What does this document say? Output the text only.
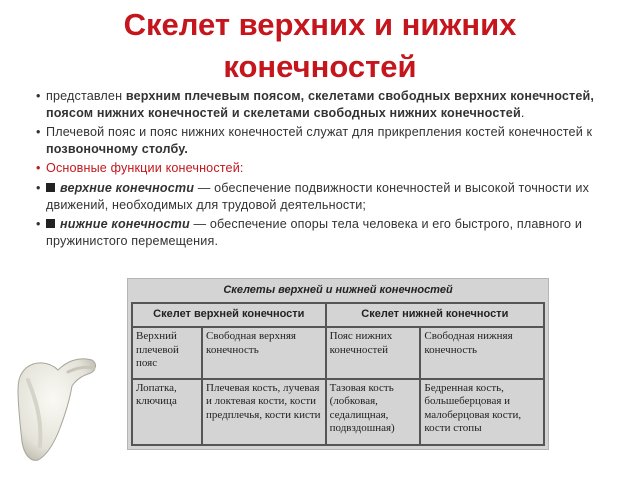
Скелет верхних и нижних
конечностей
• представлен верхним плечевым поясом, скелетами свободных верхних конечностей, поясом нижних конечностей и скелетами свободных нижних конечностей.
• Плечевой пояс и пояс нижних конечностей служат для прикрепления костей конечностей к позвоночному столбу.
• Основные функции конечностей:
• верхние конечности — обеспечение подвижности конечностей и высокой точности их движений, необходимых для трудовой деятельности;
• нижние конечности — обеспечение опоры тела человека и его быстрого, плавного и пружинистого перемещения.
Скелеты верхней и нижней конечностей
Скелет верхней конечности		Скелет нижней конечности	
Верхний плечевой пояс	Свободная верхняя конечность	Пояс нижних конечностей	Свободная нижняя конечность
Лопатка, ключица	Плечевая кость, лучевая и локтевая кости, кости предплечья, кости кисти	Тазовая кость (лобковая, седалищная, подвздошная)	Бедренная кость, большеберцовая и малоберцовая кости, кости стопы
